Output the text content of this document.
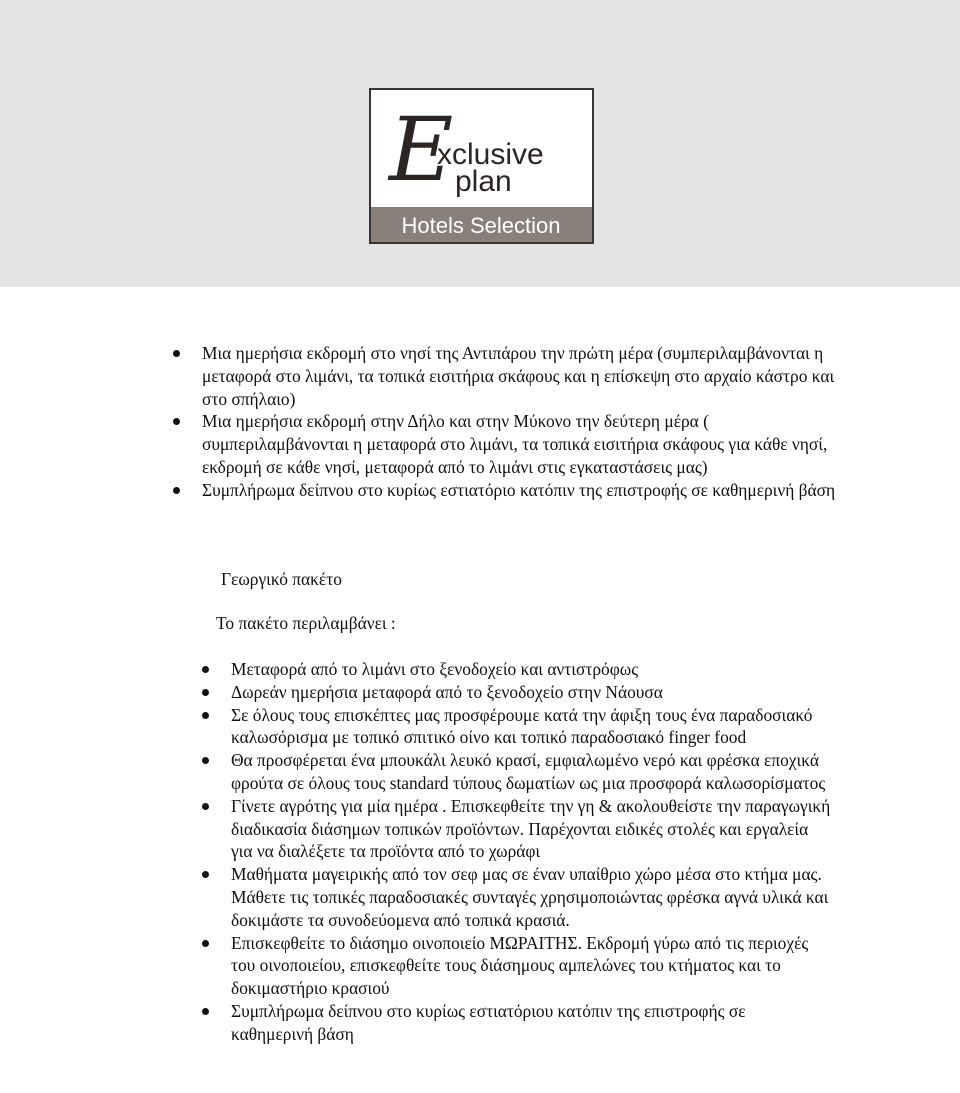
E
xclusive
plan
Hotels Selection
Μια ημερήσια εκδρομή στο νησί της Αντιπάρου την πρώτη μέρα (συμπεριλαμβάνονται η μεταφορά στο λιμάνι, τα τοπικά εισιτήρια σκάφους και η επίσκεψη στο αρχαίο κάστρο και στο σπήλαιο)
Μια ημερήσια εκδρομή στην Δήλο και στην Μύκονο την δεύτερη μέρα ( συμπεριλαμβάνονται η μεταφορά στο λιμάνι, τα τοπικά εισιτήρια σκάφους για κάθε νησί, εκδρομή σε κάθε νησί, μεταφορά από το λιμάνι στις εγκαταστάσεις μας)
Συμπλήρωμα δείπνου στο κυρίως εστιατόριο κατόπιν της επιστροφής σε καθημερινή βάση
Γεωργικό πακέτο
Το πακέτο περιλαμβάνει :
Μεταφορά από το λιμάνι στο ξενοδοχείο και αντιστρόφως
Δωρεάν ημερήσια μεταφορά από το ξενοδοχείο στην Νάουσα
Σε όλους τους επισκέπτες μας προσφέρουμε κατά την άφιξη τους ένα παραδοσιακό καλωσόρισμα με τοπικό σπιτικό οίνο και τοπικό παραδοσιακό finger food
Θα προσφέρεται ένα μπουκάλι λευκό κρασί, εμφιαλωμένο νερό και φρέσκα εποχικά φρούτα σε όλους τους standard τύπους δωματίων ως μια προσφορά καλωσορίσματος
Γίνετε αγρότης για μία ημέρα . Επισκεφθείτε την γη & ακολουθείστε την παραγωγική διαδικασία διάσημων τοπικών προϊόντων. Παρέχονται ειδικές στολές και εργαλεία για να διαλέξετε τα προϊόντα από το χωράφι
Μαθήματα μαγειρικής από τον σεφ μας σε έναν υπαίθριο χώρο μέσα στο κτήμα μας. Μάθετε τις τοπικές παραδοσιακές συνταγές χρησιμοποιώντας φρέσκα αγνά υλικά και δοκιμάστε τα συνοδεύομενα από τοπικά κρασιά.
Επισκεφθείτε το διάσημο οινοποιείο ΜΩΡΑΙΤΗΣ. Εκδρομή γύρω από τις περιοχές του οινοποιείου, επισκεφθείτε τους διάσημους αμπελώνες του κτήματος και το δοκιμαστήριο κρασιού
Συμπλήρωμα δείπνου στο κυρίως εστιατόριου κατόπιν της επιστροφής σε καθημερινή βάση
